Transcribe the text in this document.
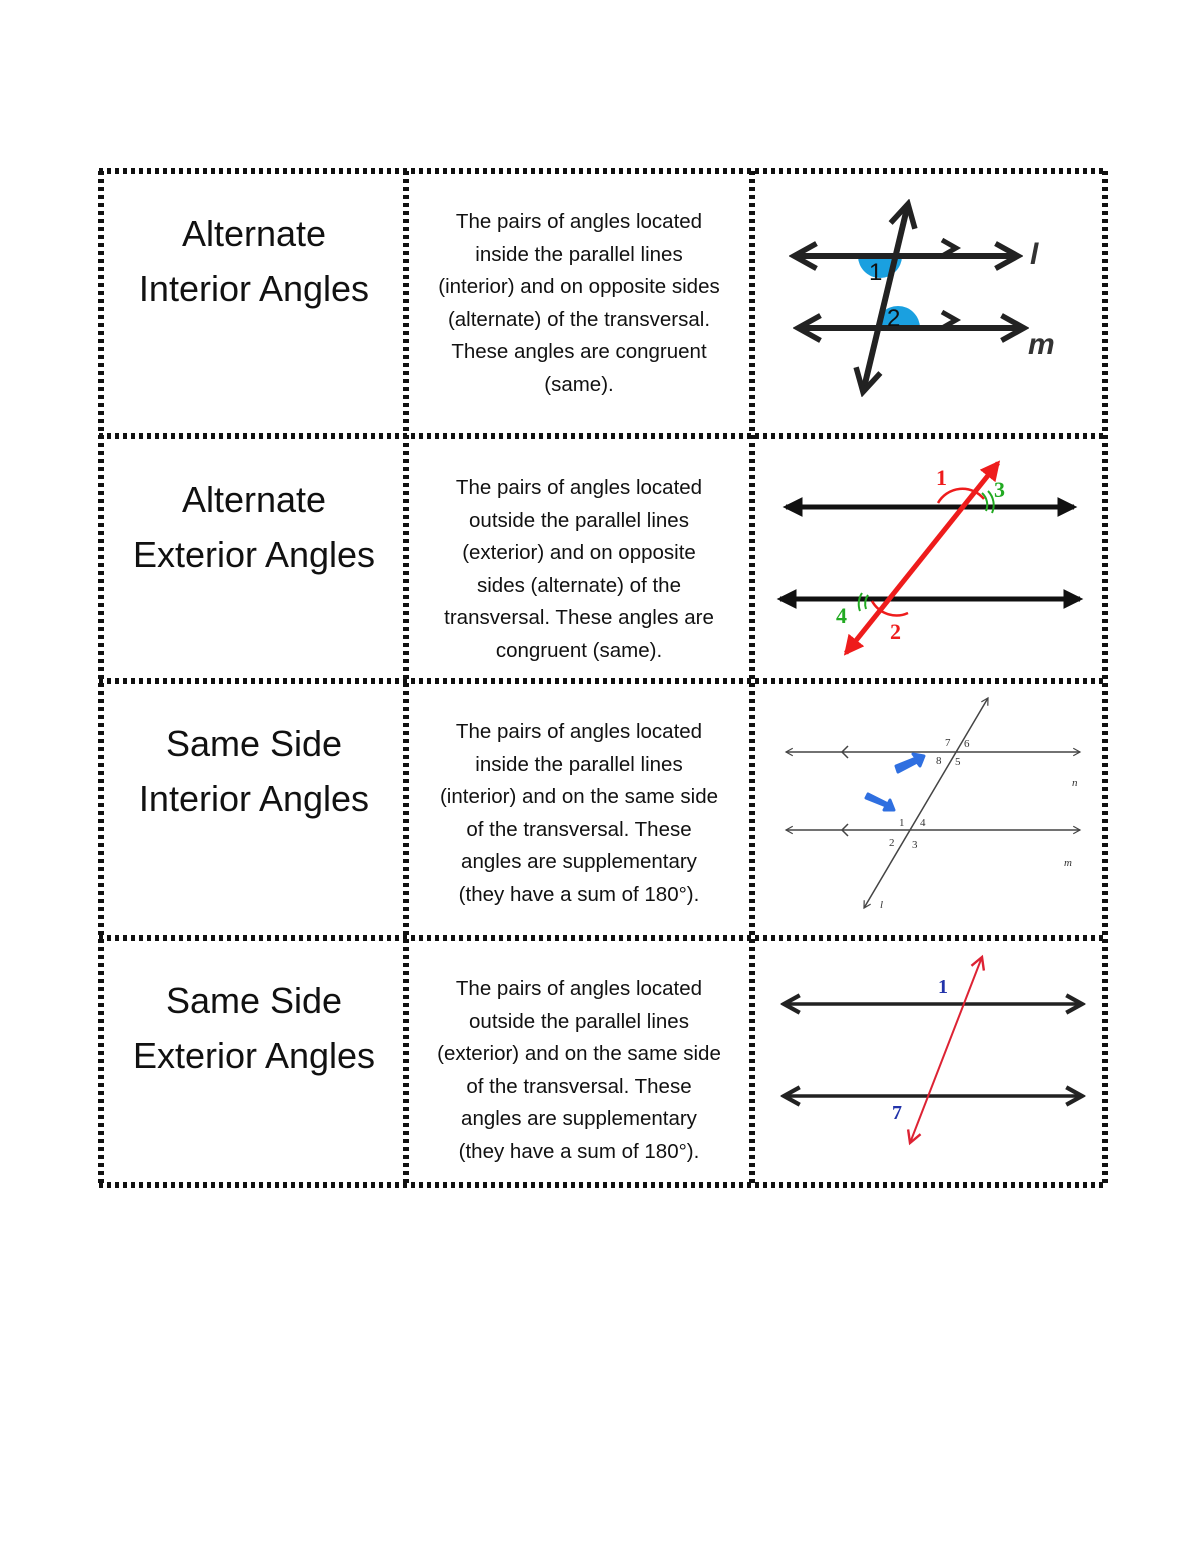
Alternate
Interior Angles
The pairs of angles located
inside the parallel lines
(interior) and on opposite sides
(alternate) of the transversal.
These angles are congruent
(same).
1
2
l
m
Alternate
Exterior Angles
The pairs of angles located
outside the parallel lines
(exterior) and on opposite
sides (alternate) of the
transversal. These angles are
congruent (same).
1 3
4
2
Same Side
Interior Angles
The pairs of angles located
inside the parallel lines
(interior) and on the same side
of the transversal. These
angles are supplementary
(they have a sum of 180°).
7 6
8 5
1 4
2 3
n
m
l
Same Side
Exterior Angles
The pairs of angles located
outside the parallel lines
(exterior) and on the same side
of the transversal. These
angles are supplementary
(they have a sum of 180°).
1
7
